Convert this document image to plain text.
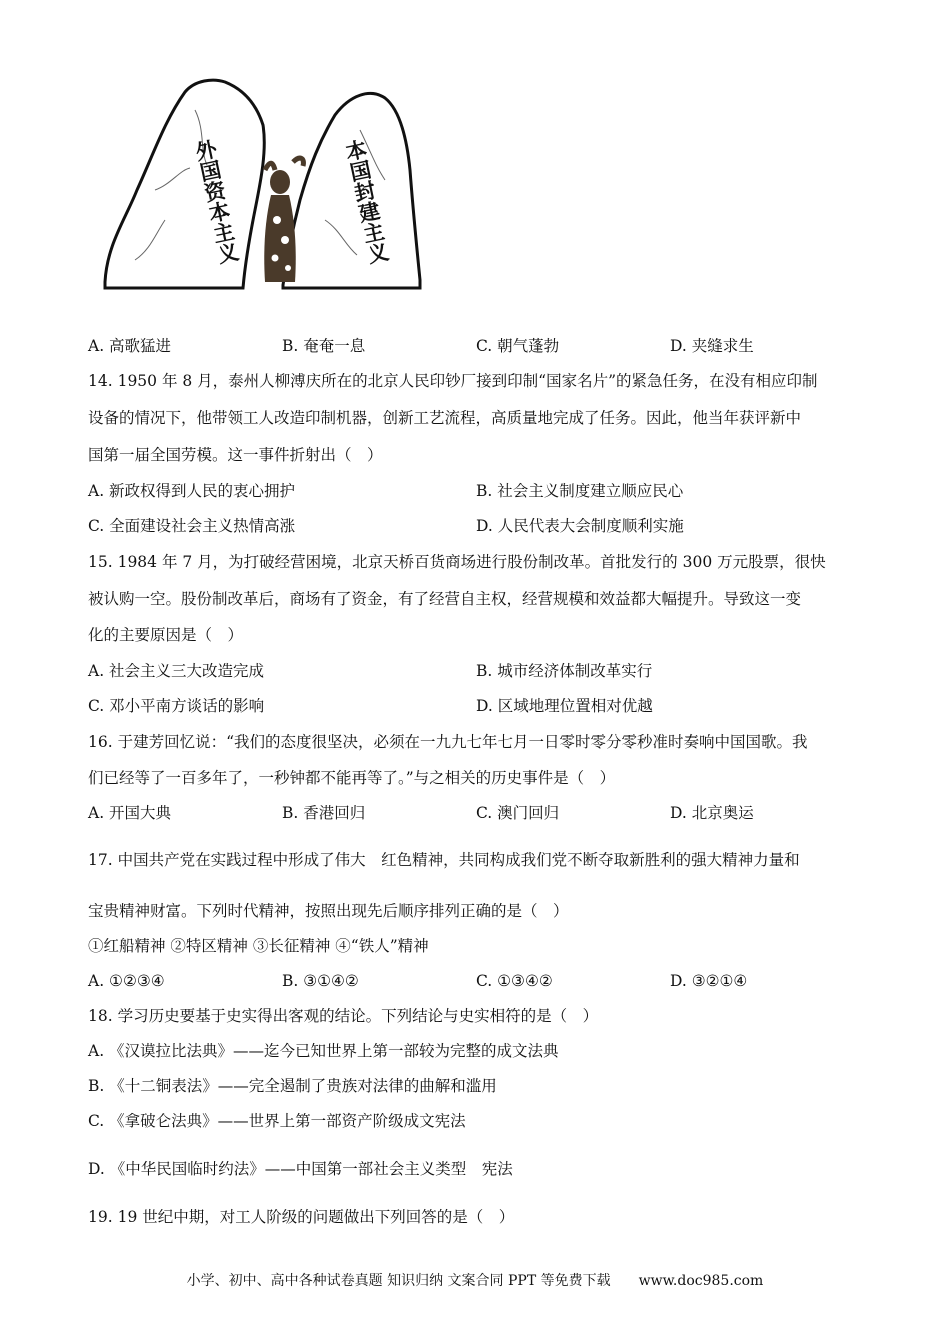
外国资本主义	本国封建主义
A. 高歌猛进	B. 奄奄一息	C. 朝气蓬勃	D. 夹缝求生
14. 1950 年 8 月，泰州人柳溥庆所在的北京人民印钞厂接到印制“国家名片”的紧急任务，在没有相应印制
设备的情况下，他带领工人改造印制机器，创新工艺流程，高质量地完成了任务。因此，他当年获评新中
国第一届全国劳模。这一事件折射出（　）
A. 新政权得到人民的衷心拥护	B. 社会主义制度建立顺应民心
C. 全面建设社会主义热情高涨	D. 人民代表大会制度顺利实施
15. 1984 年 7 月，为打破经营困境，北京天桥百货商场进行股份制改革。首批发行的 300 万元股票，很快
被认购一空。股份制改革后，商场有了资金，有了经营自主权，经营规模和效益都大幅提升。导致这一变
化的主要原因是（　）
A. 社会主义三大改造完成	B. 城市经济体制改革实行
C. 邓小平南方谈话的影响	D. 区域地理位置相对优越
16. 于建芳回忆说：“我们的态度很坚决，必须在一九九七年七月一日零时零分零秒准时奏响中国国歌。我
们已经等了一百多年了，一秒钟都不能再等了。”与之相关的历史事件是（　）
A. 开国大典	B. 香港回归	C. 澳门回归	D. 北京奥运
17. 中国共产党在实践过程中形成了伟大　红色精神，共同构成我们党不断夺取新胜利的强大精神力量和
宝贵精神财富。下列时代精神，按照出现先后顺序排列正确的是（　）
①红船精神 ②特区精神 ③长征精神 ④“铁人”精神
A. ①②③④	B. ③①④②	C. ①③④②	D. ③②①④
18. 学习历史要基于史实得出客观的结论。下列结论与史实相符的是（　）
A. 《汉谟拉比法典》——迄今已知世界上第一部较为完整的成文法典
B. 《十二铜表法》——完全遏制了贵族对法律的曲解和滥用
C. 《拿破仑法典》——世界上第一部资产阶级成文宪法
D. 《中华民国临时约法》——中国第一部社会主义类型　宪法
19. 19 世纪中期，对工人阶级的问题做出下列回答的是（　）
小学、初中、高中各种试卷真题 知识归纳 文案合同 PPT 等免费下载　　www.doc985.com
